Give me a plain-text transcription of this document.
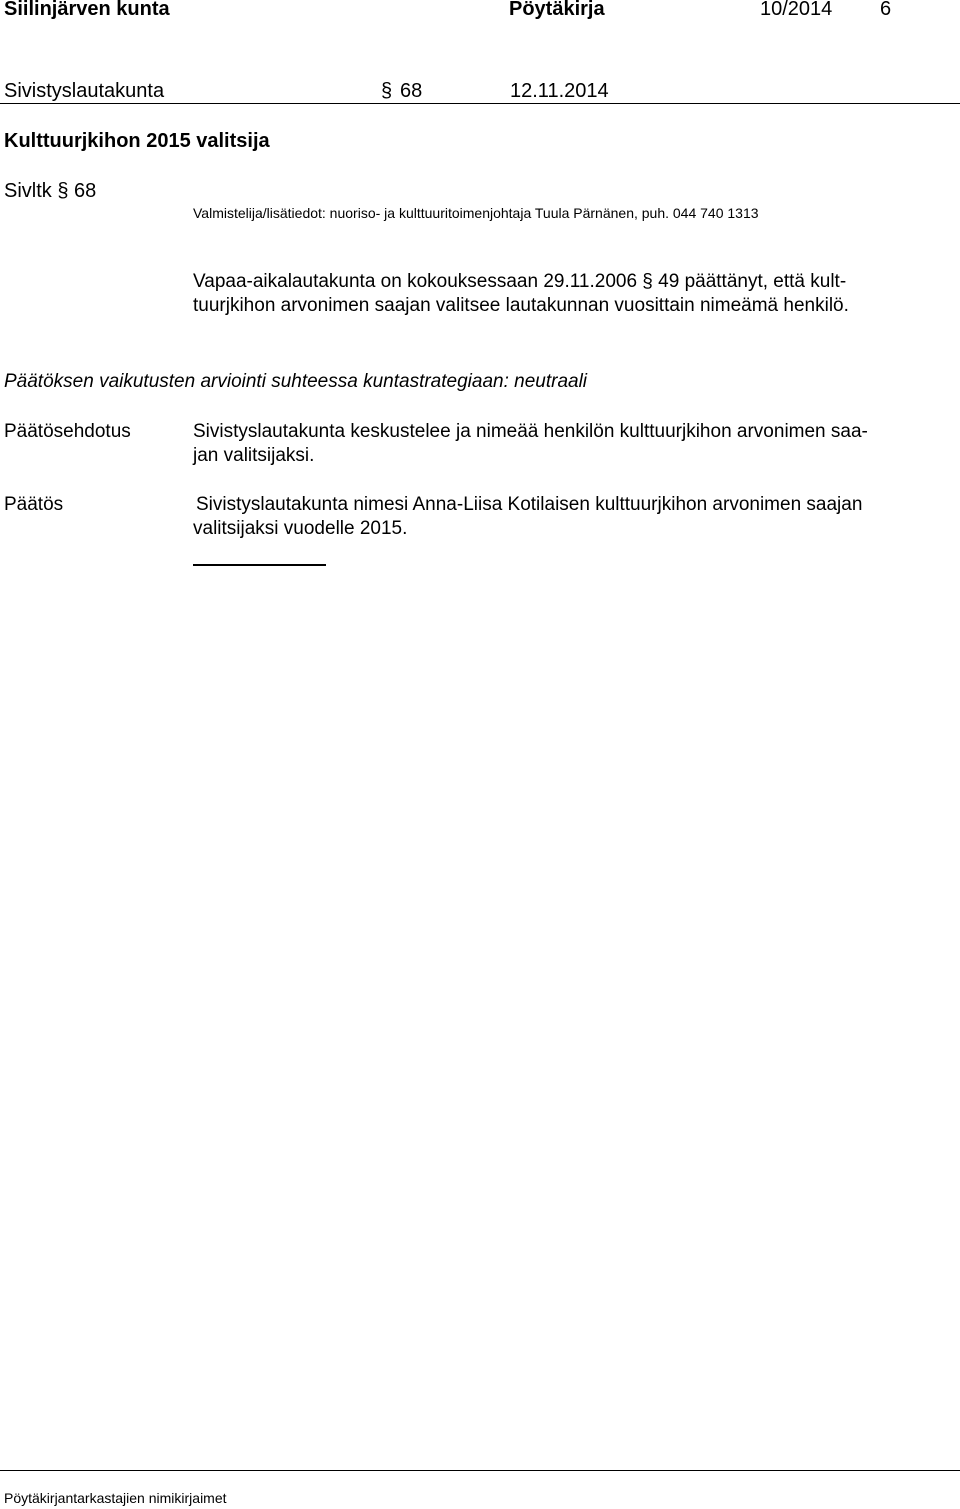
Siilinjärven kunta	Pöytäkirja	10/2014 6
Sivistyslautakunta	§ 68	12.11.2014
Kulttuurjkihon 2015 valitsija
Sivltk § 68
Valmistelija/lisätiedot: nuoriso- ja kulttuuritoimenjohtaja Tuula Pärnänen, puh. 044 740 1313
Vapaa-aikalautakunta on kokouksessaan 29.11.2006 § 49 päättänyt, että kult-
tuurjkihon arvonimen saajan valitsee lautakunnan vuosittain nimeämä henkilö.
Päätöksen vaikutusten arviointi suhteessa kuntastrategiaan: neutraali
Päätösehdotus	Sivistyslautakunta keskustelee ja nimeää henkilön kulttuurjkihon arvonimen saa-
jan valitsijaksi.
Päätös	Sivistyslautakunta nimesi Anna-Liisa Kotilaisen kulttuurjkihon arvonimen saajan
valitsijaksi vuodelle 2015.
Pöytäkirjantarkastajien nimikirjaimet
